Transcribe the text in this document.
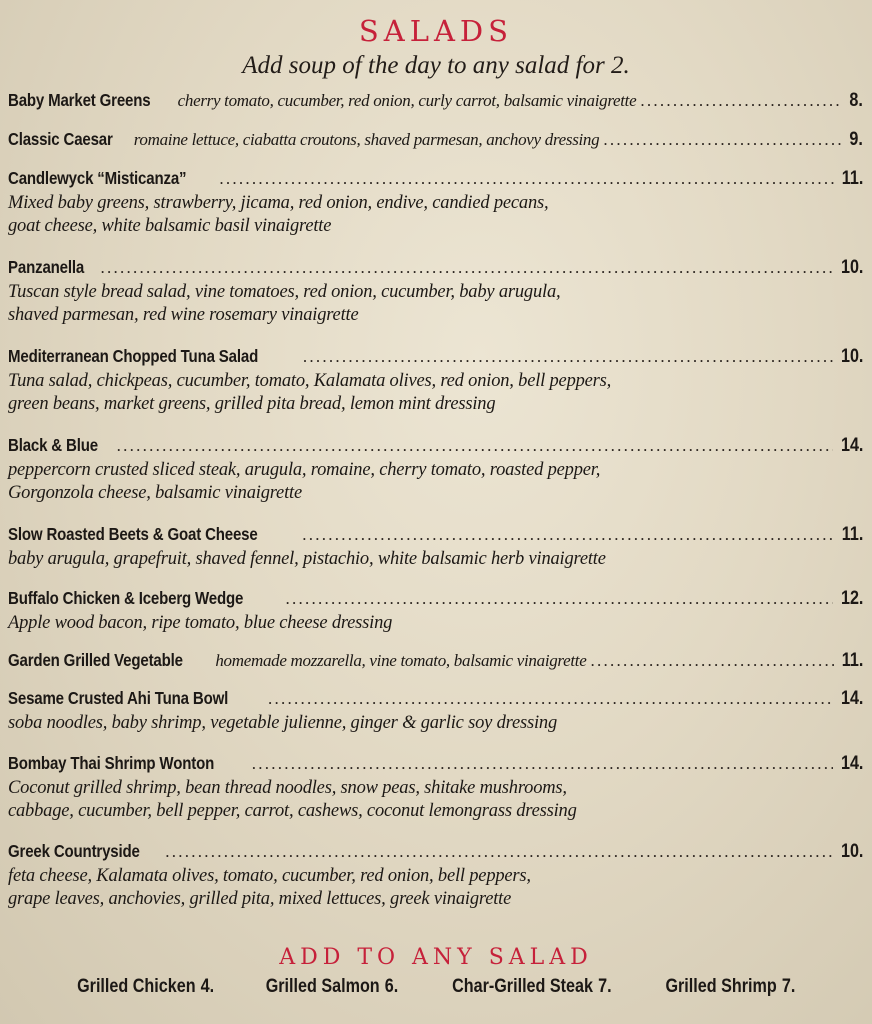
SALADS
Add soup of the day to any salad for 2.
Baby Market Greens	cherry tomato, cucumber, red onion, curly carrot, balsamic vinaigrette . . .	8.
Classic Caesar	romaine lettuce, ciabatta croutons, shaved parmesan, anchovy dressing . . .	9.
Candlewyck “Misticanza” . . .	11.
Mixed baby greens, strawberry, jicama, red onion, endive, candied pecans,
goat cheese, white balsamic basil vinaigrette
Panzanella . . .	10.
Tuscan style bread salad, vine tomatoes, red onion, cucumber, baby arugula,
shaved parmesan, red wine rosemary vinaigrette
Mediterranean Chopped Tuna Salad . . .	10.
Tuna salad, chickpeas, cucumber, tomato, Kalamata olives, red onion, bell peppers,
green beans, market greens, grilled pita bread, lemon mint dressing
Black & Blue . . .	14.
peppercorn crusted sliced steak, arugula, romaine, cherry tomato, roasted pepper,
Gorgonzola cheese, balsamic vinaigrette
Slow Roasted Beets & Goat Cheese . . .	11.
baby arugula, grapefruit, shaved fennel, pistachio, white balsamic herb vinaigrette
Buffalo Chicken & Iceberg Wedge . . .	12.
Apple wood bacon, ripe tomato, blue cheese dressing
Garden Grilled Vegetable	homemade mozzarella, vine tomato, balsamic vinaigrette . . .	11.
Sesame Crusted Ahi Tuna Bowl . . .	14.
soba noodles, baby shrimp, vegetable julienne, ginger & garlic soy dressing
Bombay Thai Shrimp Wonton . . .	14.
Coconut grilled shrimp, bean thread noodles, snow peas, shitake mushrooms,
cabbage, cucumber, bell pepper, carrot, cashews, coconut lemongrass dressing
Greek Countryside . . .	10.
feta cheese, Kalamata olives, tomato, cucumber, red onion, bell peppers,
grape leaves, anchovies, grilled pita, mixed lettuces, greek vinaigrette
ADD TO ANY SALAD
Grilled Chicken 4.	Grilled Salmon 6.	Char-Grilled Steak 7.	Grilled Shrimp 7.
